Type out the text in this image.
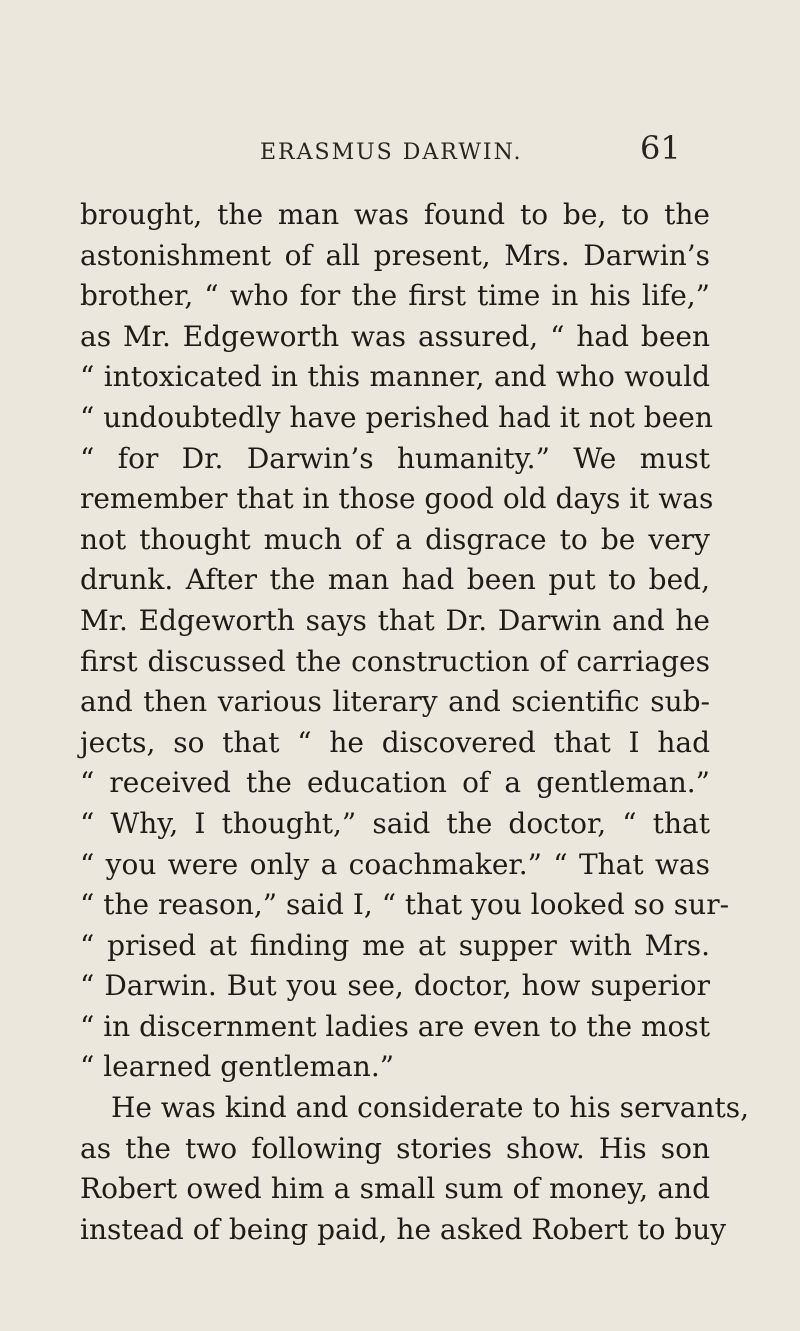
ERASMUS DARWIN.	61
brought, the man was found to be, to the
astonishment of all present, Mrs. Darwin’s
brother, “ who for the first time in his life,”
as Mr. Edgeworth was assured, “ had been
“ intoxicated in this manner, and who would
“ undoubtedly have perished had it not been
“ for Dr. Darwin’s humanity.” We must
remember that in those good old days it was
not thought much of a disgrace to be very
drunk. After the man had been put to bed,
Mr. Edgeworth says that Dr. Darwin and he
first discussed the construction of carriages
and then various literary and scientific sub-
jects, so that “ he discovered that I had
“ received the education of a gentleman.”
“ Why, I thought,” said the doctor, “ that
“ you were only a coachmaker.” “ That was
“ the reason,” said I, “ that you looked so sur-
“ prised at finding me at supper with Mrs.
“ Darwin. But you see, doctor, how superior
“ in discernment ladies are even to the most
“ learned gentleman.”
He was kind and considerate to his servants,
as the two following stories show. His son
Robert owed him a small sum of money, and
instead of being paid, he asked Robert to buy
